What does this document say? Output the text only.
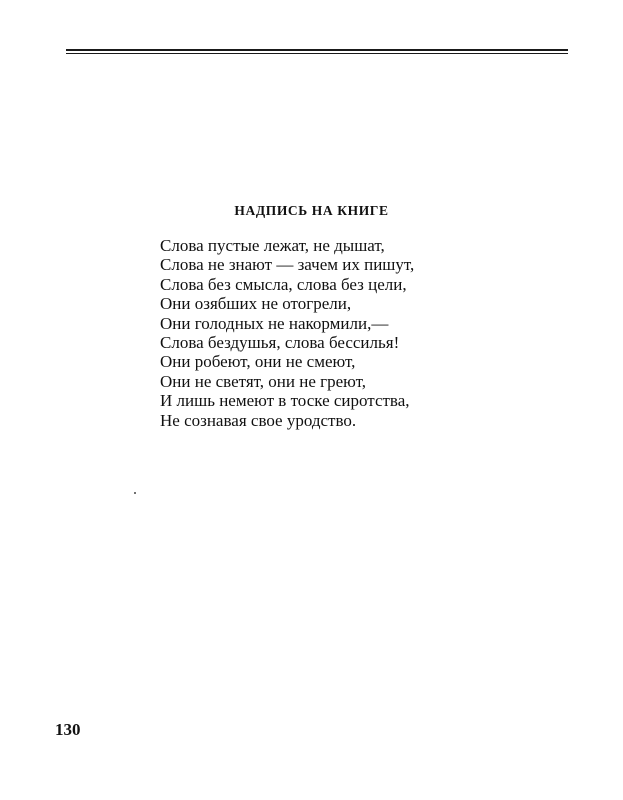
НАДПИСЬ НА КНИГЕ
Слова пустые лежат, не дышат,
Слова не знают — зачем их пишут,
Слова без смысла, слова без цели,
Они озябших не отогрели,
Они голодных не накормили,—
Слова бездушья, слова бессилья!
Они робеют, они не смеют,
Они не светят, они не греют,
И лишь немеют в тоске сиротства,
Не сознавая свое уродство.
130
